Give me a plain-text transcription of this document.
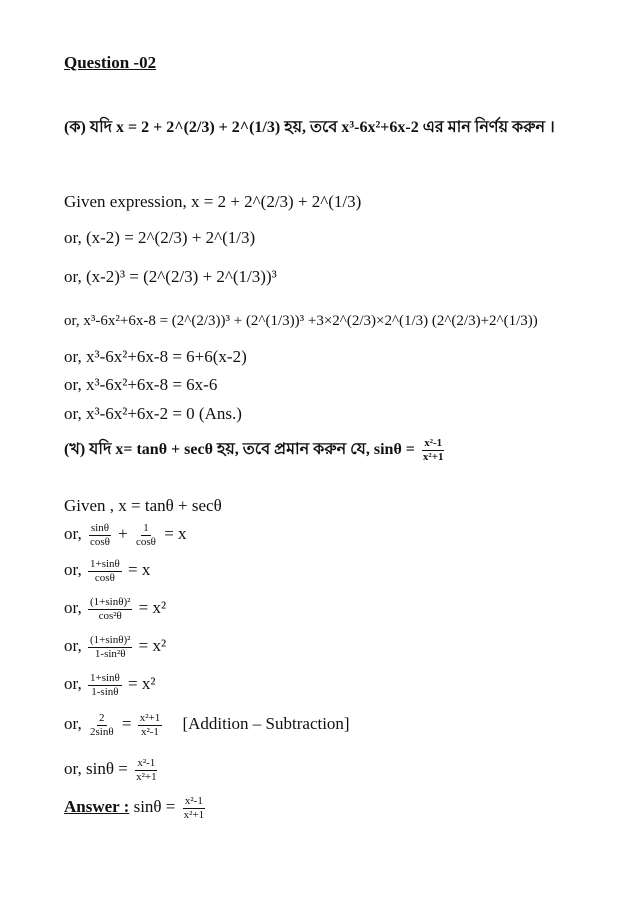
Question -02
(ক) যদি x = 2 + 2^(2/3) + 2^(1/3) হয়, তবে x³-6x²+6x-2 এর মান নির্ণয় করুন ।
Given expression, x = 2 + 2^(2/3) + 2^(1/3)
or, (x-2) = 2^(2/3) + 2^(1/3)
or, (x-2)³ = (2^(2/3) + 2^(1/3))³
or, x³-6x²+6x-8 = (2^(2/3))³ + (2^(1/3))³ +3×2^(2/3)×2^(1/3) (2^(2/3)+2^(1/3))
or, x³-6x²+6x-8 = 6+6(x-2)
or, x³-6x²+6x-8 = 6x-6
or, x³-6x²+6x-2 = 0 (Ans.)
(খ) যদি x= tanθ + secθ হয়, তবে প্রমান করুন যে, $\sin\theta = \frac{\text{x²-1}}{\text{x²+1}}$
Given , x = tanθ + secθ
or, $\frac{\sin\theta}{\cos\theta} + \frac{1}{\cos\theta} = x$
or, $\frac{1+\sin\theta}{\cos\theta} = x$
or, $\frac{\text{(1+sinθ)²}}{\text{cos²θ}} = x^2$
or, $\frac{\text{(1+sinθ)²}}{\text{1-sin²θ}} = x^2$
or, $\frac{1+\sin\theta}{1-\sin\theta} = x^2$
or, $\frac{2}{2\sin\theta} = \frac{\text{x²+1}}{\text{x²-1}}$ [Addition – Subtraction]
or, $\sin\theta = \frac{\text{x²-1}}{\text{x²+1}}$
Answer : $\sin\theta = \frac{\text{x²-1}}{\text{x²+1}}$
